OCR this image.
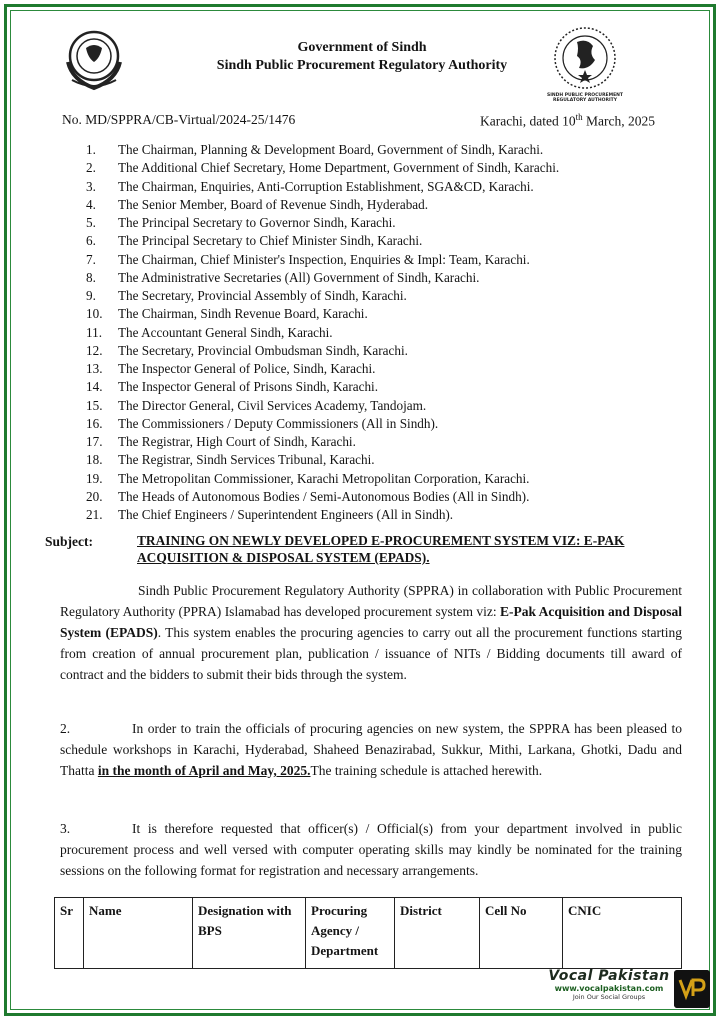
SINDH PUBLIC PROCUREMENT
REGULATORY AUTHORITY
Government of Sindh
Sindh Public Procurement Regulatory Authority
No. MD/SPPRA/CB-Virtual/2024-25/1476	Karachi, dated 10th March, 2025
1. The Chairman, Planning & Development Board, Government of Sindh, Karachi.
2. The Additional Chief Secretary, Home Department, Government of Sindh, Karachi.
3. The Chairman, Enquiries, Anti-Corruption Establishment, SGA&CD, Karachi.
4. The Senior Member, Board of Revenue Sindh, Hyderabad.
5. The Principal Secretary to Governor Sindh, Karachi.
6. The Principal Secretary to Chief Minister Sindh, Karachi.
7. The Chairman, Chief Minister's Inspection, Enquiries & Impl: Team, Karachi.
8. The Administrative Secretaries (All) Government of Sindh, Karachi.
9. The Secretary, Provincial Assembly of Sindh, Karachi.
10. The Chairman, Sindh Revenue Board, Karachi.
11. The Accountant General Sindh, Karachi.
12. The Secretary, Provincial Ombudsman Sindh, Karachi.
13. The Inspector General of Police, Sindh, Karachi.
14. The Inspector General of Prisons Sindh, Karachi.
15. The Director General, Civil Services Academy, Tandojam.
16. The Commissioners / Deputy Commissioners (All in Sindh).
17. The Registrar, High Court of Sindh, Karachi.
18. The Registrar, Sindh Services Tribunal, Karachi.
19. The Metropolitan Commissioner, Karachi Metropolitan Corporation, Karachi.
20. The Heads of Autonomous Bodies / Semi-Autonomous Bodies (All in Sindh).
21. The Chief Engineers / Superintendent Engineers (All in Sindh).
Subject:	TRAINING ON NEWLY DEVELOPED E-PROCUREMENT SYSTEM VIZ: E-PAK ACQUISITION & DISPOSAL SYSTEM (EPADS).
Sindh Public Procurement Regulatory Authority (SPPRA) in collaboration with Public Procurement Regulatory Authority (PPRA) Islamabad has developed procurement system viz: E-Pak Acquisition and Disposal System (EPADS). This system enables the procuring agencies to carry out all the procurement functions starting from creation of annual procurement plan, publication / issuance of NITs / Bidding documents till award of contract and the bidders to submit their bids through the system.
2.	In order to train the officials of procuring agencies on new system, the SPPRA has been pleased to schedule workshops in Karachi, Hyderabad, Shaheed Benazirabad, Sukkur, Mithi, Larkana, Ghotki, Dadu and Thatta in the month of April and May, 2025.The training schedule is attached herewith.
3.	It is therefore requested that officer(s) / Official(s) from your department involved in public procurement process and well versed with computer operating skills may kindly be nominated for the training sessions on the following format for registration and necessary arrangements.
Sr	Name	Designation with BPS	Procuring Agency / Department	District	Cell No	CNIC
Vocal Pakistan
www.vocalpakistan.com
Join Our Social Groups
